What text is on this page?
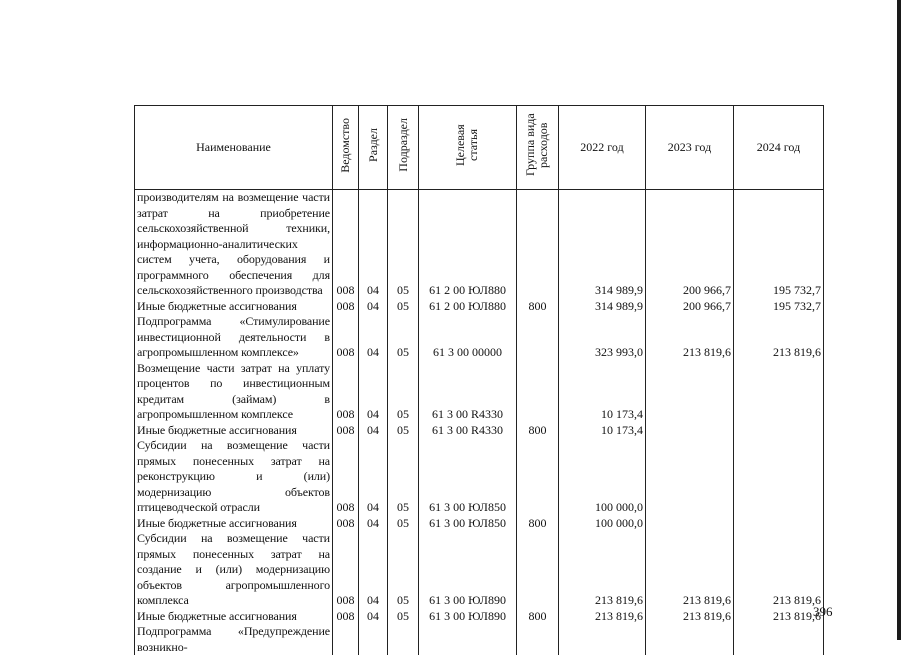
Наименование	Ведомство	Раздел	Подраздел	Целевая статья	Группа вида расходов	2022 год	2023 год	2024 год
производителям на возмещение части затрат на приобретение сельскохозяйственной техники, информационно-аналитических систем учета, оборудования и программного обеспечения для сельскохозяйственного производства	008	04	05	61 2 00 ЮЛ880		314 989,9	200 966,7	195 732,7
Иные бюджетные ассигнования	008	04	05	61 2 00 ЮЛ880	800	314 989,9	200 966,7	195 732,7
Подпрограмма «Стимулирование инвестиционной деятельности в агропромышленном комплексе»	008	04	05	61 3 00 00000		323 993,0	213 819,6	213 819,6
Возмещение части затрат на уплату процентов по инвестиционным кредитам (займам) в агропромышленном комплексе	008	04	05	61 3 00 R4330		10 173,4		
Иные бюджетные ассигнования	008	04	05	61 3 00 R4330	800	10 173,4		
Субсидии на возмещение части прямых понесенных затрат на реконструкцию и (или) модернизацию объектов птицеводческой отрасли	008	04	05	61 3 00 ЮЛ850		100 000,0		
Иные бюджетные ассигнования	008	04	05	61 3 00 ЮЛ850	800	100 000,0		
Субсидии на возмещение части прямых понесенных затрат на создание и (или) модернизацию объектов агропромышленного комплекса	008	04	05	61 3 00 ЮЛ890		213 819,6	213 819,6	213 819,6
Иные бюджетные ассигнования	008	04	05	61 3 00 ЮЛ890	800	213 819,6	213 819,6	213 819,6
Подпрограмма «Предупреждение возникно-								
396
